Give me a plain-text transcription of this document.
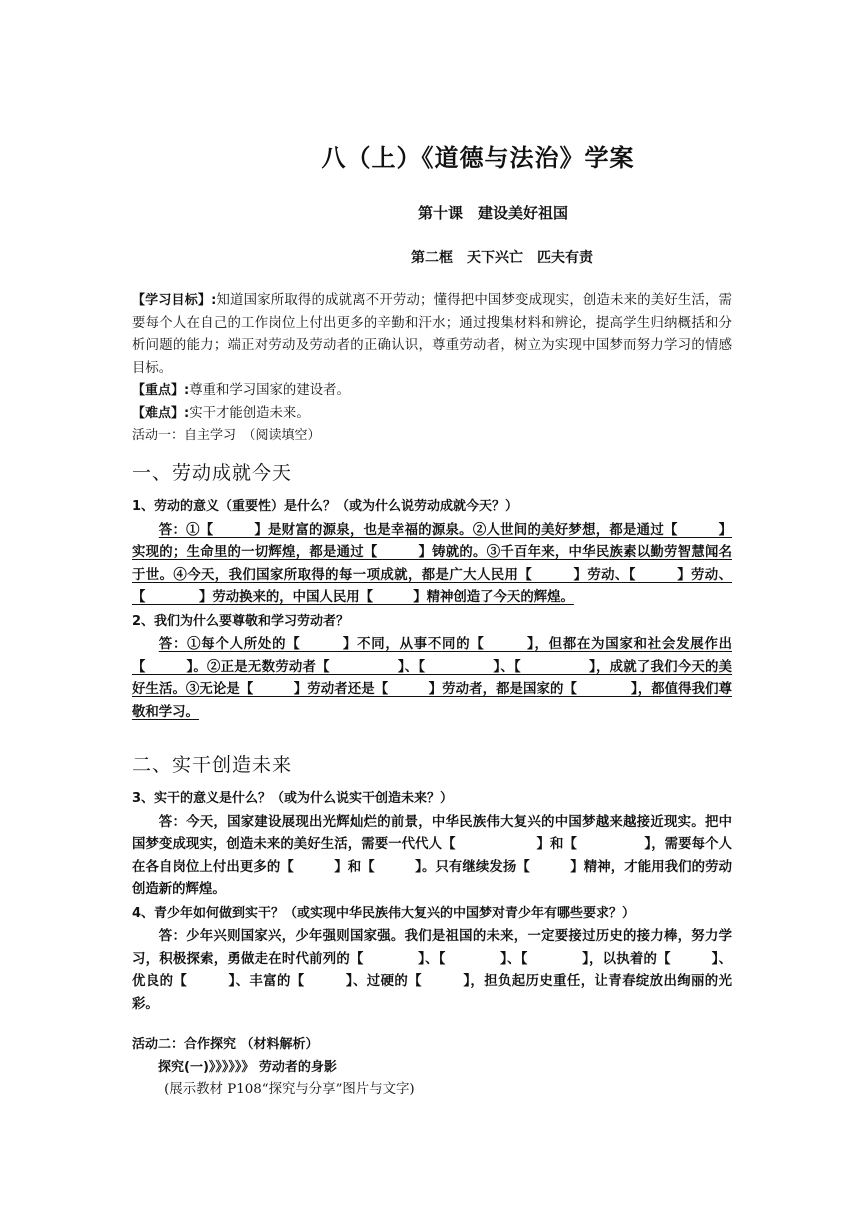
八（上）《道德与法治》学案
第十课　建设美好祖国
第二框　天下兴亡　匹夫有责

【学习目标】:知道国家所取得的成就离不开劳动；懂得把中国梦变成现实，创造未来的美好生活，需要每个人在自己的工作岗位上付出更多的辛勤和汗水；通过搜集材料和辨论，提高学生归纳概括和分析问题的能力；端正对劳动及劳动者的正确认识，尊重劳动者，树立为实现中国梦而努力学习的情感目标。

【重点】:尊重和学习国家的建设者。

【难点】:实干才能创造未来。

活动一：自主学习　（阅读填空）

一、劳动成就今天

1、劳动的意义（重要性）是什么？（或为什么说劳动成就今天？）

答：①【　　　】是财富的源泉，也是幸福的源泉。②人世间的美好梦想，都是通过【　　　】实现的；生命里的一切辉煌，都是通过【　　　】铸就的。③千百年来，中华民族素以勤劳智慧闻名于世。④今天，我们国家所取得的每一项成就，都是广大人民用【　　　】劳动、【　　　】劳动、【　　　　】劳动换来的，中国人民用【　　　】精神创造了今天的辉煌。

2、我们为什么要尊敬和学习劳动者？

答：①每个人所处的【　　　】不同，从事不同的【　　　】，但都在为国家和社会发展作出【　　　】。②正是无数劳动者【　　　　　】、【　　　　　】、【　　　　　】，成就了我们今天的美好生活。③无论是【　　　】劳动者还是【　　　】劳动者，都是国家的【　　　　】，都值得我们尊敬和学习。

二、实干创造未来

3、实干的意义是什么？（或为什么说实干创造未来？）

答：今天，国家建设展现出光辉灿烂的前景，中华民族伟大复兴的中国梦越来越接近现实。把中国梦变成现实，创造未来的美好生活，需要一代代人【　　　　　　】和【　　　　　】，需要每个人在各自岗位上付出更多的【　　　】和【　　　】。只有继续发扬【　　　】精神，才能用我们的劳动创造新的辉煌。

4、青少年如何做到实干？（或实现中华民族伟大复兴的中国梦对青少年有哪些要求？）

答：少年兴则国家兴，少年强则国家强。我们是祖国的未来，一定要接过历史的接力棒，努力学习，积极探索，勇做走在时代前列的【　　　　】、【　　　　】、【　　　　】，以执着的【　　　】、优良的【　　　】、丰富的【　　　】、过硬的【　　　】，担负起历史重任，让青春绽放出绚丽的光彩。

活动二：合作探究 （材料解析）

探究(一)》》》》》》 劳动者的身影

(展示教材 P108“探究与分享”图片与文字)
